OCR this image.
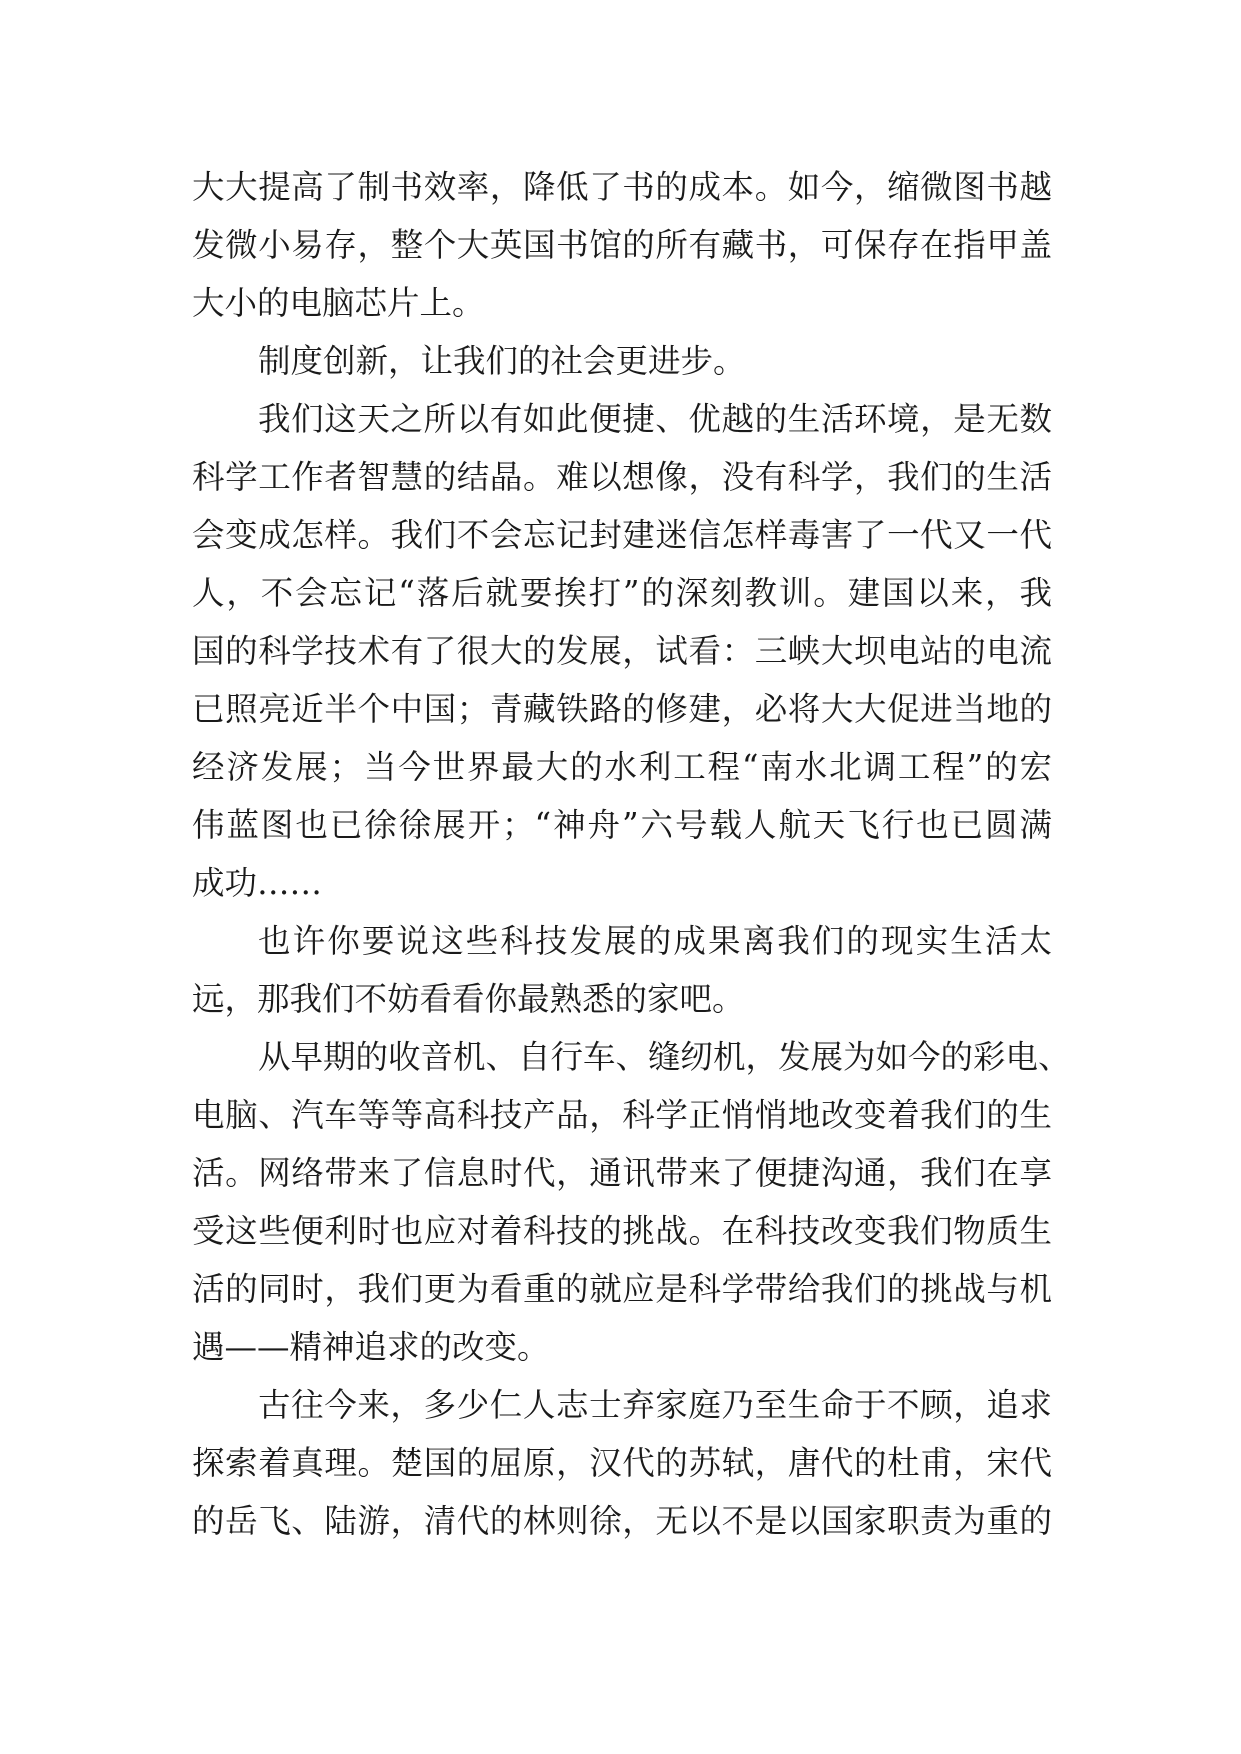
大大提高了制书效率，降低了书的成本。如今，缩微图书越
发微小易存，整个大英国书馆的所有藏书，可保存在指甲盖
大小的电脑芯片上。
制度创新，让我们的社会更进步。
我们这天之所以有如此便捷、优越的生活环境，是无数
科学工作者智慧的结晶。难以想像，没有科学，我们的生活
会变成怎样。我们不会忘记封建迷信怎样毒害了一代又一代
人，不会忘记“落后就要挨打”的深刻教训。建国以来，我
国的科学技术有了很大的发展，试看：三峡大坝电站的电流
已照亮近半个中国；青藏铁路的修建，必将大大促进当地的
经济发展；当今世界最大的水利工程“南水北调工程”的宏
伟蓝图也已徐徐展开；“神舟”六号载人航天飞行也已圆满
成功……
也许你要说这些科技发展的成果离我们的现实生活太
远，那我们不妨看看你最熟悉的家吧。
从早期的收音机、自行车、缝纫机，发展为如今的彩电、
电脑、汽车等等高科技产品，科学正悄悄地改变着我们的生
活。网络带来了信息时代，通讯带来了便捷沟通，我们在享
受这些便利时也应对着科技的挑战。在科技改变我们物质生
活的同时，我们更为看重的就应是科学带给我们的挑战与机
遇——精神追求的改变。
古往今来，多少仁人志士弃家庭乃至生命于不顾，追求
探索着真理。楚国的屈原，汉代的苏轼，唐代的杜甫，宋代
的岳飞、陆游，清代的林则徐，无以不是以国家职责为重的
